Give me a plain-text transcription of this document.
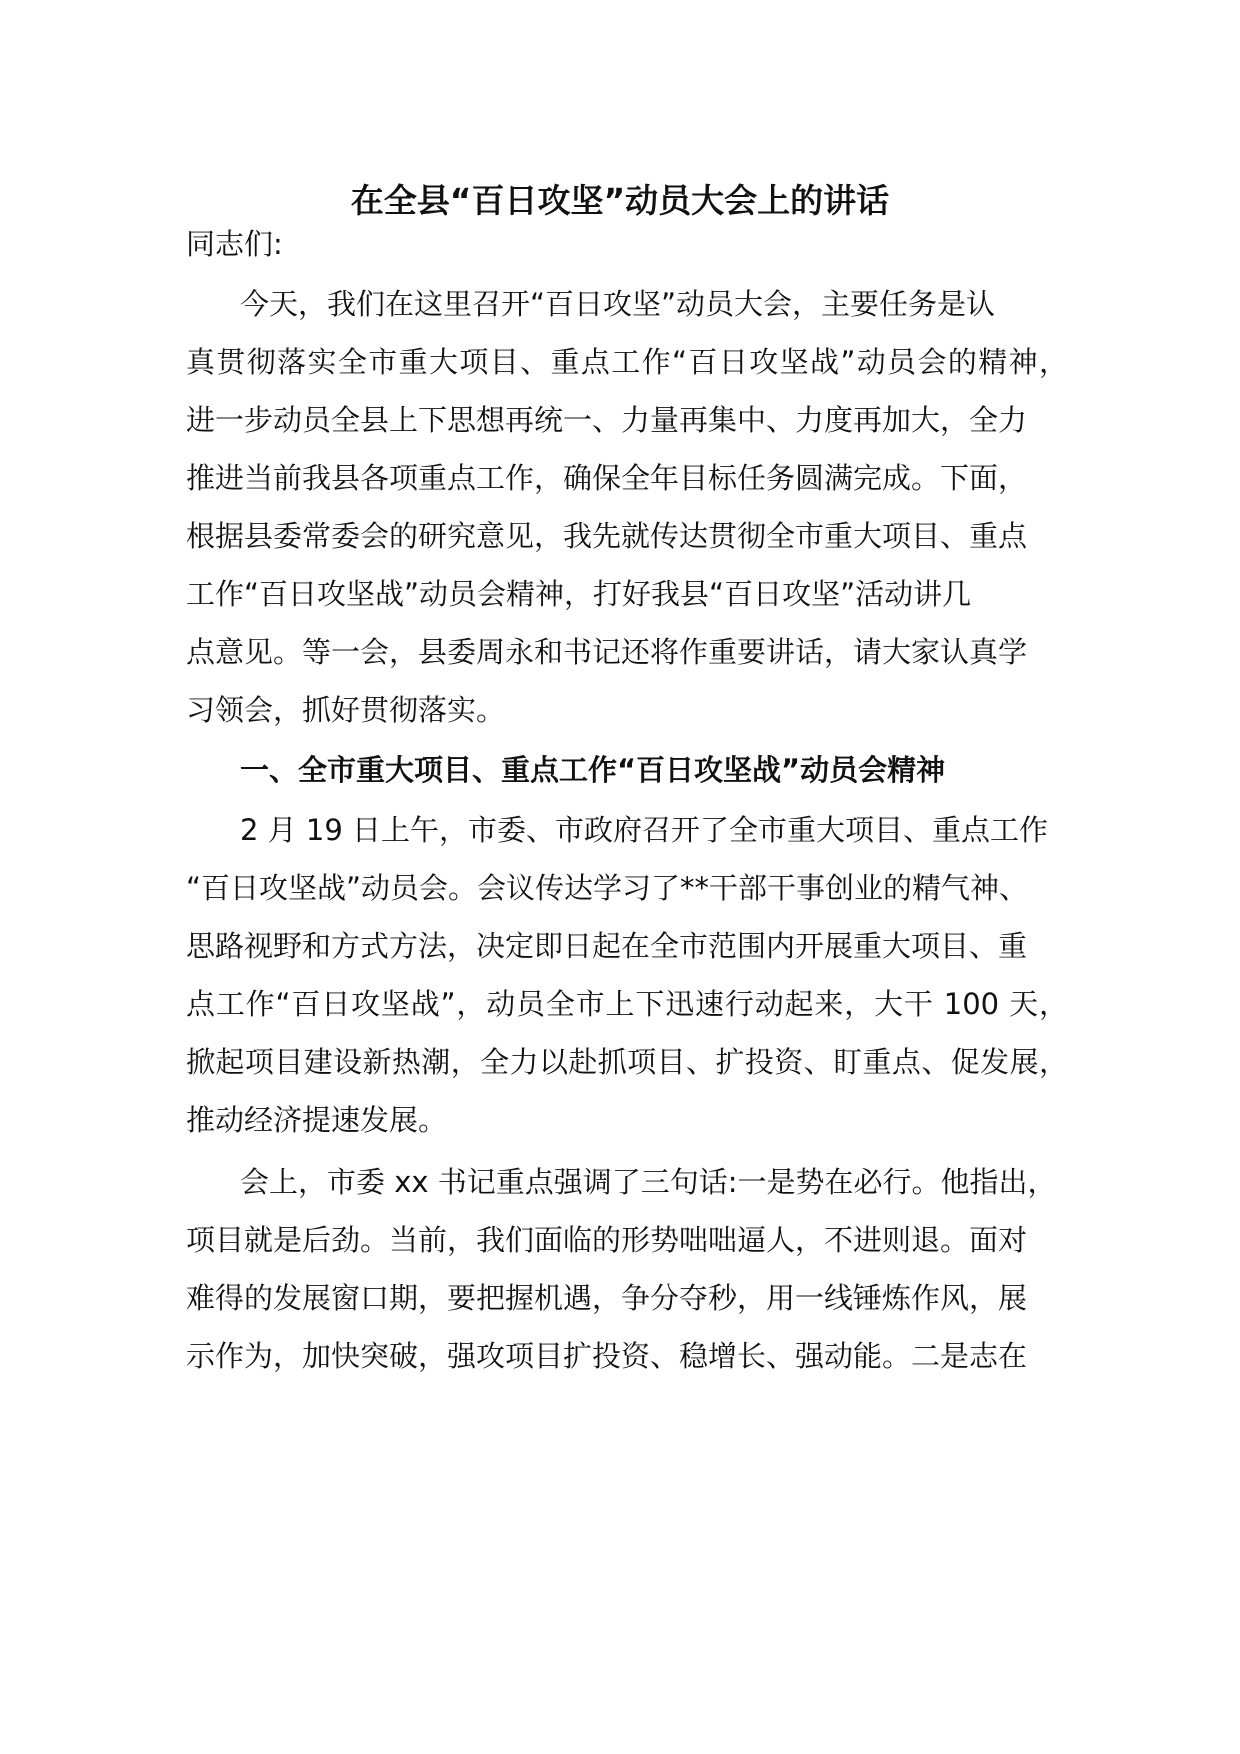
在全县“百日攻坚”动员大会上的讲话
同志们:
今天，我们在这里召开“百日攻坚”动员大会，主要任务是认
真贯彻落实全市重大项目、重点工作“百日攻坚战”动员会的精神，
进一步动员全县上下思想再统一、力量再集中、力度再加大，全力
推进当前我县各项重点工作，确保全年目标任务圆满完成。下面，
根据县委常委会的研究意见，我先就传达贯彻全市重大项目、重点
工作“百日攻坚战”动员会精神，打好我县“百日攻坚”活动讲几
点意见。等一会，县委周永和书记还将作重要讲话，请大家认真学
习领会，抓好贯彻落实。
一、全市重大项目、重点工作“百日攻坚战”动员会精神
2 月 19 日上午，市委、市政府召开了全市重大项目、重点工作
“百日攻坚战”动员会。会议传达学习了**干部干事创业的精气神、
思路视野和方式方法，决定即日起在全市范围内开展重大项目、重
点工作“百日攻坚战”，动员全市上下迅速行动起来，大干 100 天，
掀起项目建设新热潮，全力以赴抓项目、扩投资、盯重点、促发展，
推动经济提速发展。
会上，市委 xx 书记重点强调了三句话:一是势在必行。他指出，
项目就是后劲。当前，我们面临的形势咄咄逼人，不进则退。面对
难得的发展窗口期，要把握机遇，争分夺秒，用一线锤炼作风，展
示作为，加快突破，强攻项目扩投资、稳增长、强动能。二是志在
